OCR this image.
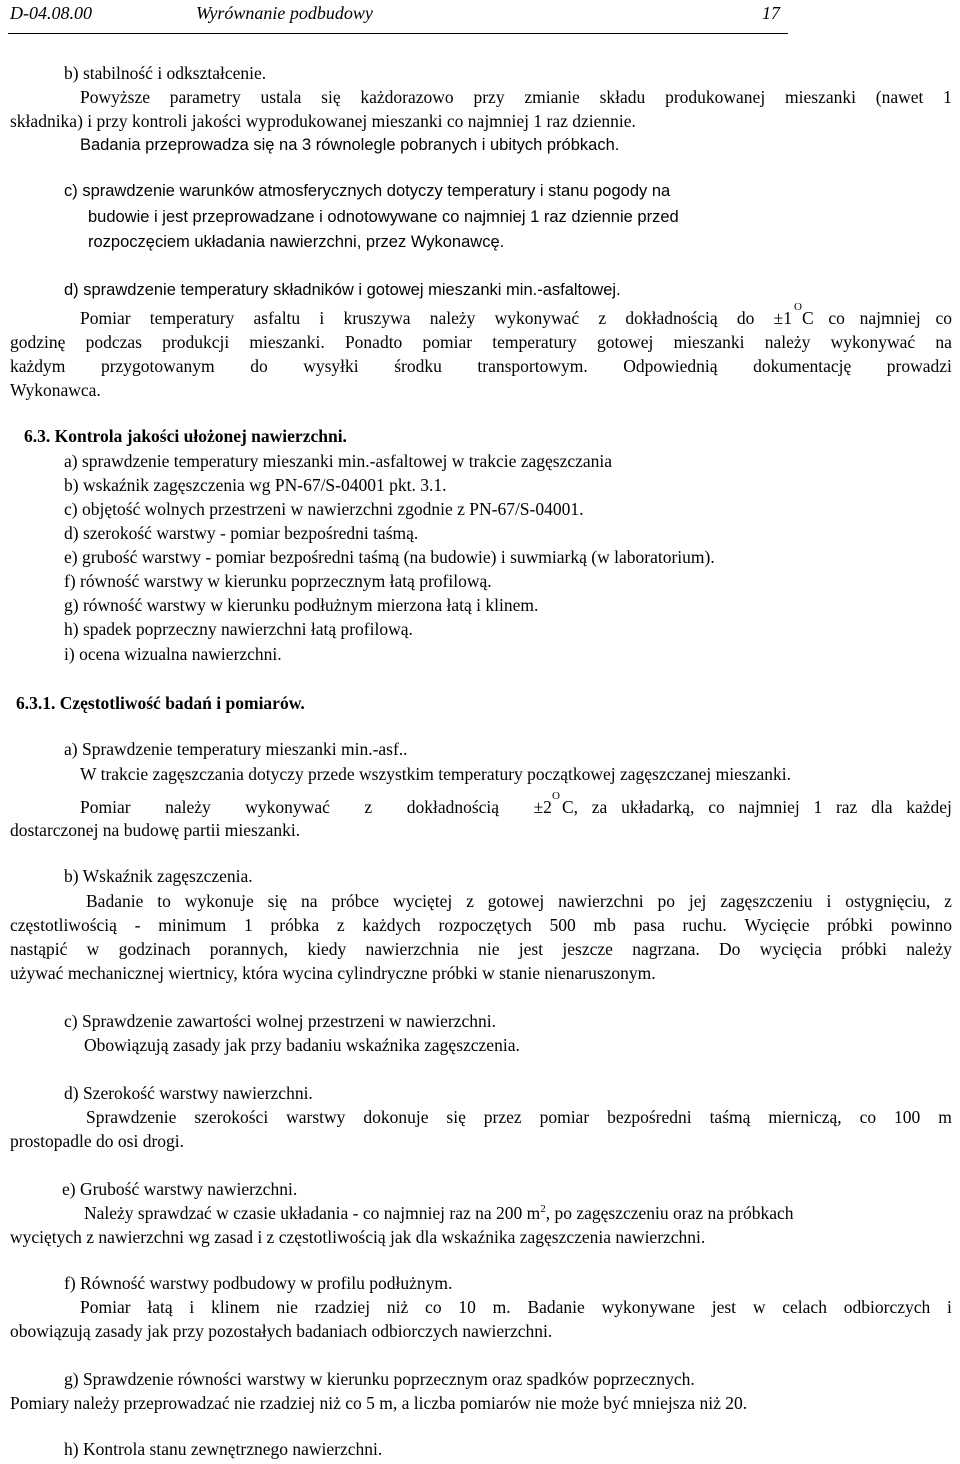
D-04.08.00	Wyrównanie podbudowy	17
b) stabilność i odkształcenie.
Powyższe parametry ustala się każdorazowo przy zmianie składu produkowanej mieszanki (nawet 1
składnika) i przy kontroli jakości wyprodukowanej mieszanki co najmniej 1 raz dziennie.
Badania przeprowadza się na 3 równolegle pobranych i ubitych próbkach.
c) sprawdzenie warunków atmosferycznych dotyczy temperatury i stanu pogody na
budowie i jest przeprowadzane i odnotowywane co najmniej 1 raz dziennie przed
rozpoczęciem układania nawierzchni, przez Wykonawcę.
d) sprawdzenie temperatury składników i gotowej mieszanki min.-asfaltowej.
Pomiar temperatury asfaltu i kruszywa należy wykonywać z dokładnością do ±1
O
C co najmniej co
godzinę podczas produkcji mieszanki. Ponadto pomiar temperatury gotowej mieszanki należy wykonywać na
każdym przygotowanym do wysyłki środku transportowym. Odpowiednią dokumentację prowadzi
Wykonawca.
6.3. Kontrola jakości ułożonej nawierzchni.
a) sprawdzenie temperatury mieszanki min.-asfaltowej w trakcie zagęszczania
b) wskaźnik zagęszczenia wg PN-67/S-04001 pkt. 3.1.
c) objętość wolnych przestrzeni w nawierzchni zgodnie z PN-67/S-04001.
d) szerokość warstwy - pomiar bezpośredni taśmą.
e) grubość warstwy - pomiar bezpośredni taśmą (na budowie) i suwmiarką (w laboratorium).
f) równość warstwy w kierunku poprzecznym łatą profilową.
g) równość warstwy w kierunku podłużnym mierzona łatą i klinem.
h) spadek poprzeczny nawierzchni łatą profilową.
i) ocena wizualna nawierzchni.
6.3.1. Częstotliwość badań i pomiarów.
a) Sprawdzenie temperatury mieszanki min.-asf..
W trakcie zagęszczania dotyczy przede wszystkim temperatury początkowej zagęszczanej mieszanki.
Pomiar należy wykonywać z dokładnością ±2
O
C, za układarką, co najmniej 1 raz dla każdej
dostarczonej na budowę partii mieszanki.
b) Wskaźnik zagęszczenia.
Badanie to wykonuje się na próbce wyciętej z gotowej nawierzchni po jej zagęszczeniu i ostygnięciu, z
częstotliwością - minimum 1 próbka z każdych rozpoczętych 500 mb pasa ruchu. Wycięcie próbki powinno
nastąpić w godzinach porannych, kiedy nawierzchnia nie jest jeszcze nagrzana. Do wycięcia próbki należy
używać mechanicznej wiertnicy, która wycina cylindryczne próbki w stanie nienaruszonym.
c) Sprawdzenie zawartości wolnej przestrzeni w nawierzchni.
Obowiązują zasady jak przy badaniu wskaźnika zagęszczenia.
d) Szerokość warstwy nawierzchni.
Sprawdzenie szerokości warstwy dokonuje się przez pomiar bezpośredni taśmą mierniczą, co 100 m
prostopadle do osi drogi.
e) Grubość warstwy nawierzchni.
Należy sprawdzać w czasie układania - co najmniej raz na 200 $m^2$, po zagęszczeniu oraz na próbkach
wyciętych z nawierzchni wg zasad i z częstotliwością jak dla wskaźnika zagęszczenia nawierzchni.
f) Równość warstwy podbudowy w profilu podłużnym.
Pomiar łatą i klinem nie rzadziej niż co 10 m. Badanie wykonywane jest w celach odbiorczych i
obowiązują zasady jak przy pozostałych badaniach odbiorczych nawierzchni.
g) Sprawdzenie równości warstwy w kierunku poprzecznym oraz spadków poprzecznych.
Pomiary należy przeprowadzać nie rzadziej niż co 5 m, a liczba pomiarów nie może być mniejsza niż 20.
h) Kontrola stanu zewnętrznego nawierzchni.
